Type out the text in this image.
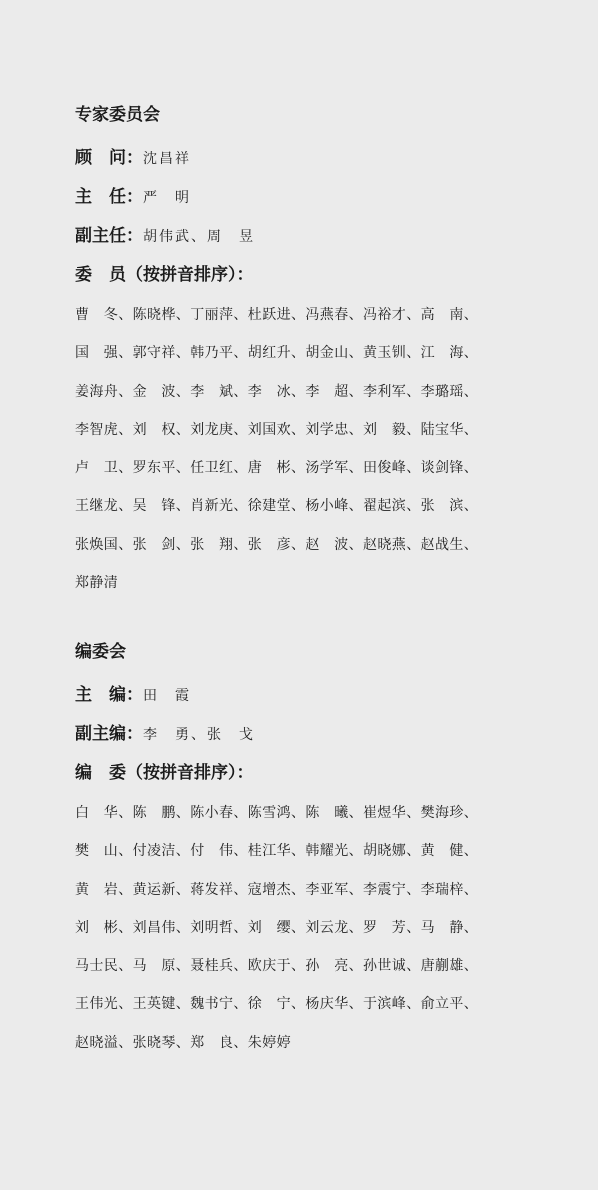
专家委员会
顾　问：沈昌祥
主　任：严　明
副主任：胡伟武、周　昱
委　员（按拼音排序）：
曹　冬、陈晓桦、丁丽萍、杜跃进、冯燕春、冯裕才、高　南、
国　强、郭守祥、韩乃平、胡红升、胡金山、黄玉钏、江　海、
姜海舟、金　波、李　斌、李　冰、李　超、李利军、李璐瑶、
李智虎、刘　权、刘龙庚、刘国欢、刘学忠、刘　毅、陆宝华、
卢　卫、罗东平、任卫红、唐　彬、汤学军、田俊峰、谈剑锋、
王继龙、吴　锋、肖新光、徐建堂、杨小峰、翟起滨、张　滨、
张焕国、张　剑、张　翔、张　彦、赵　波、赵晓燕、赵战生、
郑静清
编委会
主　编：田　霞
副主编：李　勇、张　戈
编　委（按拼音排序）：
白　华、陈　鹏、陈小春、陈雪鸿、陈　曦、崔煜华、樊海珍、
樊　山、付凌洁、付　伟、桂江华、韩耀光、胡晓娜、黄　健、
黄　岩、黄运新、蒋发祥、寇增杰、李亚军、李震宁、李瑞梓、
刘　彬、刘昌伟、刘明哲、刘　缨、刘云龙、罗　芳、马　静、
马士民、马　原、聂桂兵、欧庆于、孙　亮、孙世诚、唐蒯雄、
王伟光、王英键、魏书宁、徐　宁、杨庆华、于滨峰、俞立平、
赵晓溢、张晓琴、郑　良、朱婷婷
